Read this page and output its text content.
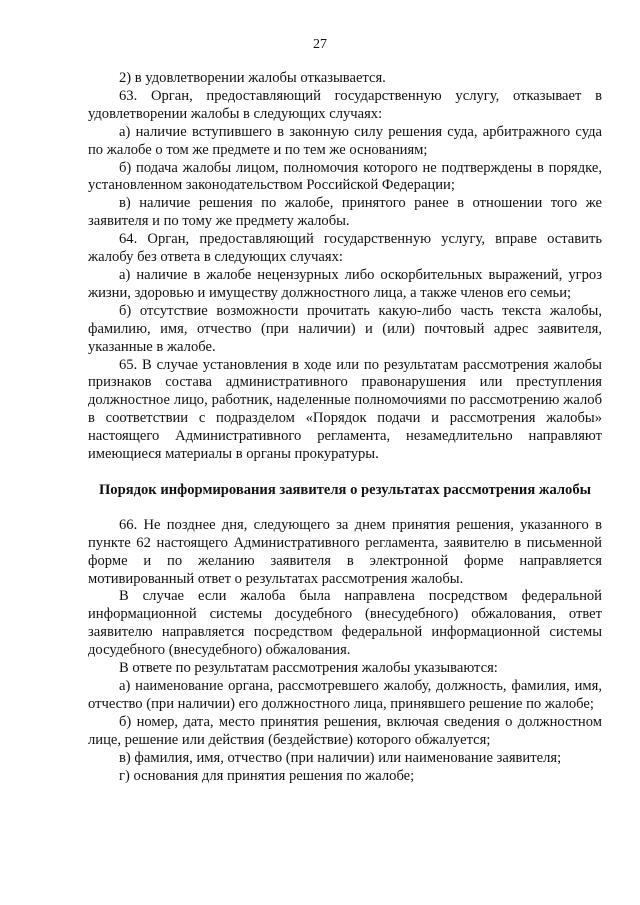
27

2) в удовлетворении жалобы отказывается.

63. Орган, предоставляющий государственную услугу, отказывает в удовлетворении жалобы в следующих случаях:

а) наличие вступившего в законную силу решения суда, арбитражного суда по жалобе о том же предмете и по тем же основаниям;

б) подача жалобы лицом, полномочия которого не подтверждены в порядке, установленном законодательством Российской Федерации;

в) наличие решения по жалобе, принятого ранее в отношении того же заявителя и по тому же предмету жалобы.

64. Орган, предоставляющий государственную услугу, вправе оставить жалобу без ответа в следующих случаях:

а) наличие в жалобе нецензурных либо оскорбительных выражений, угроз жизни, здоровью и имуществу должностного лица, а также членов его семьи;

б) отсутствие возможности прочитать какую-либо часть текста жалобы, фамилию, имя, отчество (при наличии) и (или) почтовый адрес заявителя, указанные в жалобе.

65. В случае установления в ходе или по результатам рассмотрения жалобы признаков состава административного правонарушения или преступления должностное лицо, работник, наделенные полномочиями по рассмотрению жалоб в соответствии с подразделом «Порядок подачи и рассмотрения жалобы» настоящего Административного регламента, незамедлительно направляют имеющиеся материалы в органы прокуратуры.

Порядок информирования заявителя о результатах рассмотрения жалобы

66. Не позднее дня, следующего за днем принятия решения, указанного в пункте 62 настоящего Административного регламента, заявителю в письменной форме и по желанию заявителя в электронной форме направляется мотивированный ответ о результатах рассмотрения жалобы.

В случае если жалоба была направлена посредством федеральной информационной системы досудебного (внесудебного) обжалования, ответ заявителю направляется посредством федеральной информационной системы досудебного (внесудебного) обжалования.

В ответе по результатам рассмотрения жалобы указываются:

а) наименование органа, рассмотревшего жалобу, должность, фамилия, имя, отчество (при наличии) его должностного лица, принявшего решение по жалобе;

б) номер, дата, место принятия решения, включая сведения о должностном лице, решение или действия (бездействие) которого обжалуется;

в) фамилия, имя, отчество (при наличии) или наименование заявителя;

г) основания для принятия решения по жалобе;
